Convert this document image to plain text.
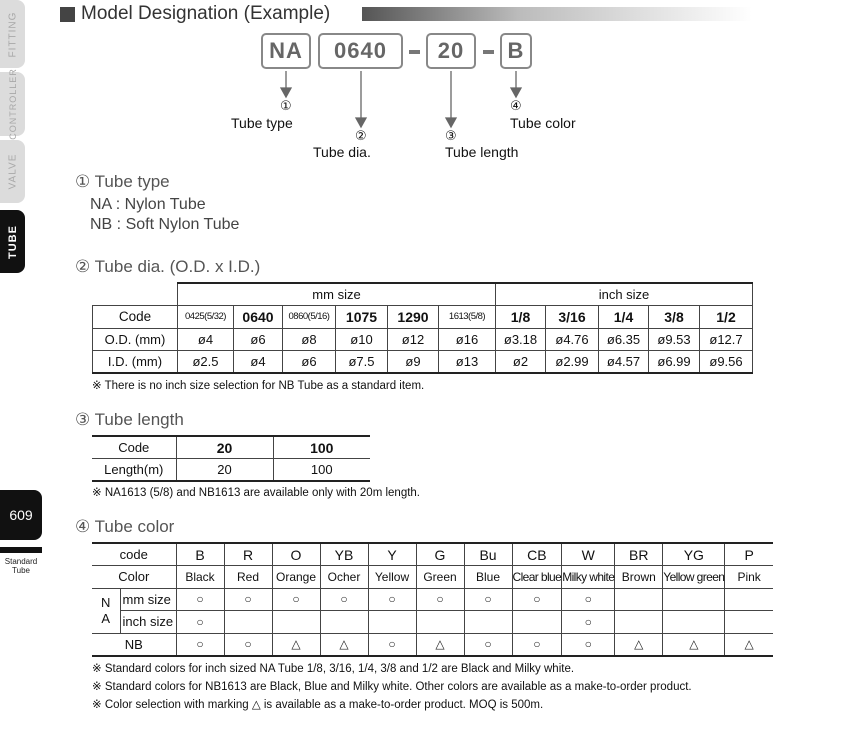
FITTING
CONTROLLER
VALVE
TUBE
609
Standard
Tube
Model Designation (Example)
NA	0640	20	B
①
Tube type
②
Tube dia.
③
Tube length
④
Tube color
① Tube type
NA : Nylon Tube
NB : Soft Nylon Tube
② Tube dia. (O.D. x I.D.)
	mm size						inch size				
Code	0425(5/32)	0640	0860(5/16)	1075	1290	1613(5/8)	1/8	3/16	1/4	3/8	1/2
O.D. (mm)	ø4	ø6	ø8	ø10	ø12	ø16	ø3.18	ø4.76	ø6.35	ø9.53	ø12.7
I.D. (mm)	ø2.5	ø4	ø6	ø7.5	ø9	ø13	ø2	ø2.99	ø4.57	ø6.99	ø9.56
※ There is no inch size selection for NB Tube as a standard item.
③ Tube length
Code	20	100
Length(m)	20	100
※ NA1613 (5/8) and NB1613 are available only with 20m length.
④ Tube color
code		B	R	O	YB	Y	G	Bu	CB	W	BR	YG	P
Color		Black	Red	Orange	Ocher	Yellow	Green	Blue	Clear blue	Milky white	Brown	Yellow green	Pink

N
A	mm size	○	○	○	○	○	○	○	○	○			
	inch size	○								○			
NB		○	○	△	△	○	△	○	○	○	△	△	△
※ Standard colors for inch sized NA Tube 1/8, 3/16, 1/4, 3/8 and 1/2 are Black and Milky white.
※ Standard colors for NB1613 are Black, Blue and Milky white. Other colors are available as a make-to-order product.
※ Color selection with marking △ is available as a make-to-order product. MOQ is 500m.
